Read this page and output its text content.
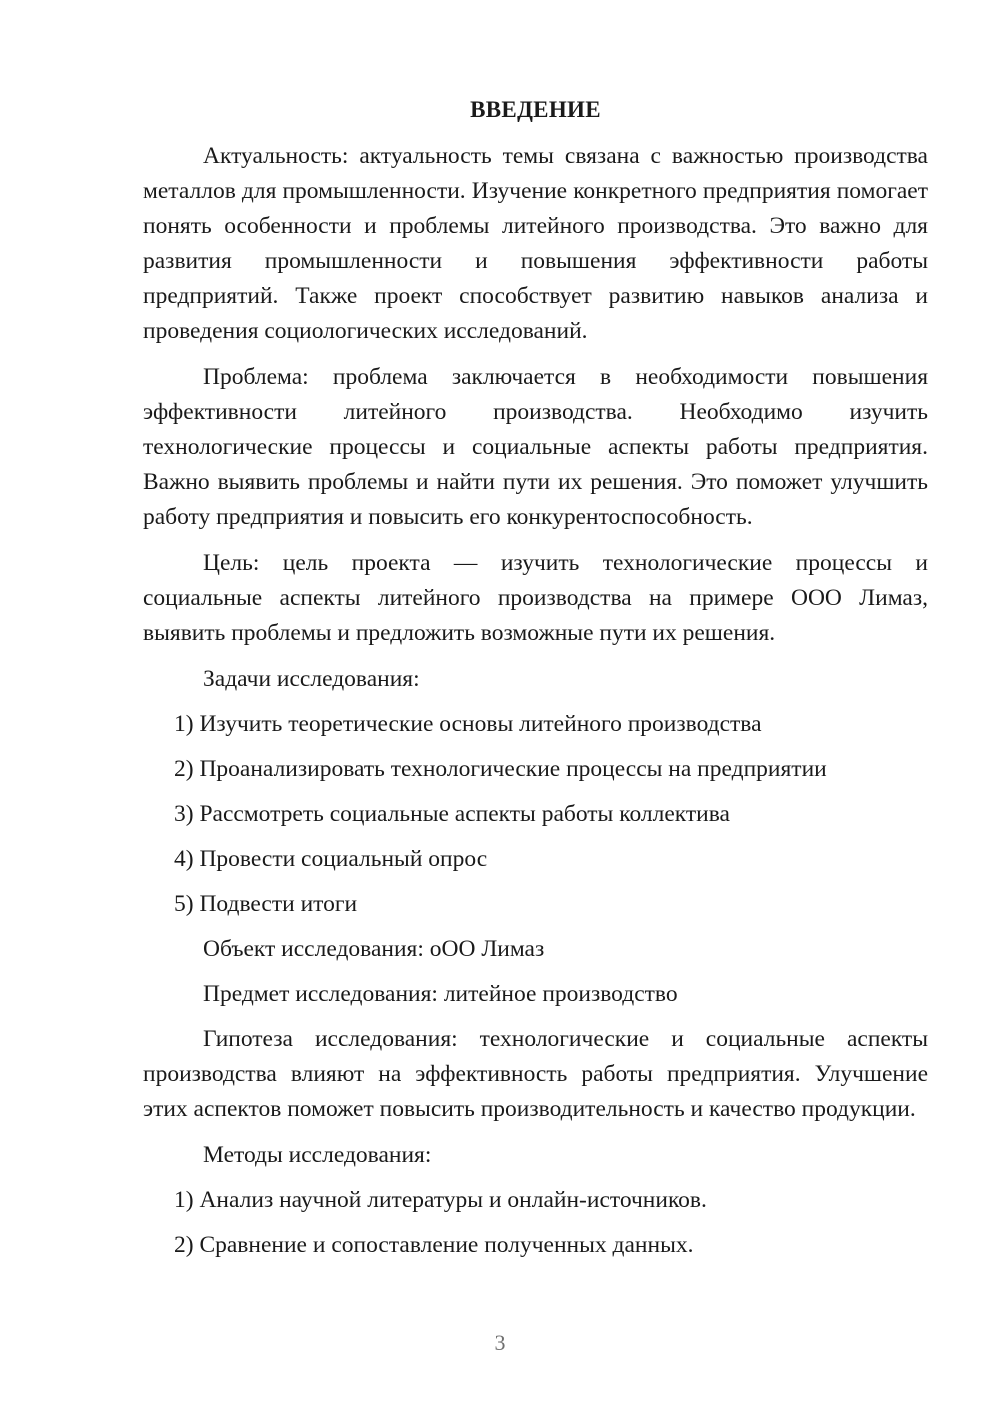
ВВЕДЕНИЕ

Актуальность: актуальность темы связана с важностью производства металлов для промышленности. Изучение конкретного предприятия помогает понять особенности и проблемы литейного производства. Это важно для развития промышленности и повышения эффективности работы предприятий. Также проект способствует развитию навыков анализа и проведения социологических исследований.

Проблема: проблема заключается в необходимости повышения эффективности литейного производства. Необходимо изучить технологические процессы и социальные аспекты работы предприятия. Важно выявить проблемы и найти пути их решения. Это поможет улучшить работу предприятия и повысить его конкурентоспособность.

Цель: цель проекта — изучить технологические процессы и социальные аспекты литейного производства на примере ООО Лимаз, выявить проблемы и предложить возможные пути их решения.

Задачи исследования:
1) Изучить теоретические основы литейного производства
2) Проанализировать технологические процессы на предприятии
3) Рассмотреть социальные аспекты работы коллектива
4) Провести социальный опрос
5) Подвести итоги
Объект исследования: оОО Лимаз
Предмет исследования: литейное производство

Гипотеза исследования: технологические и социальные аспекты производства влияют на эффективность работы предприятия. Улучшение этих аспектов поможет повысить производительность и качество продукции.

Методы исследования:
1) Анализ научной литературы и онлайн-источников.
2) Сравнение и сопоставление полученных данных.
3
